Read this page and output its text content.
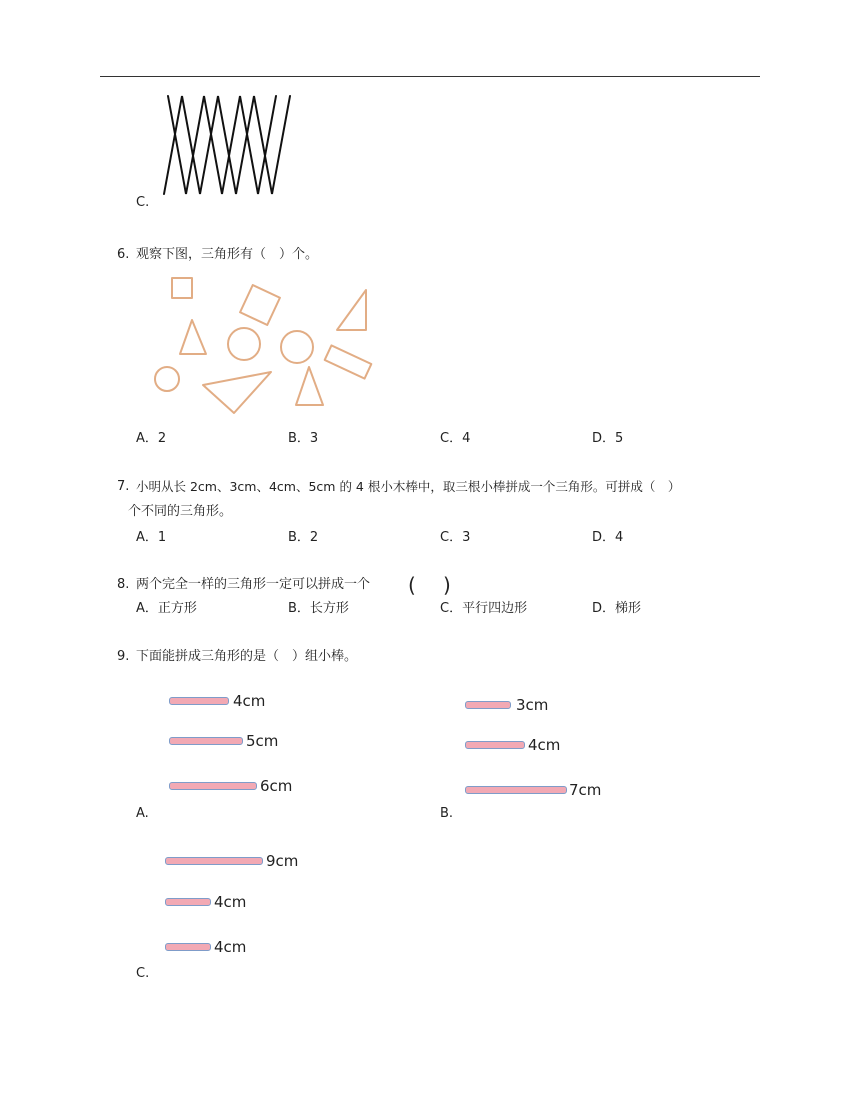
C.
6. 观察下图，三角形有（　）个。
A．2	B．3	C．4	D．5
7. 小明从长 2cm、3cm、4cm、5cm 的 4 根小木棒中，取三根小棒拼成一个三角形。可拼成（　）
个不同的三角形。
A．1	B．2	C．3	D．4
8. 两个完全一样的三角形一定可以拼成一个 ( )
A．正方形	B．长方形	C．平行四边形	D．梯形
9. 下面能拼成三角形的是（　）组小棒。
4cm
5cm
6cm
A.
3cm
4cm
7cm
B.
9cm
4cm
4cm
C.
